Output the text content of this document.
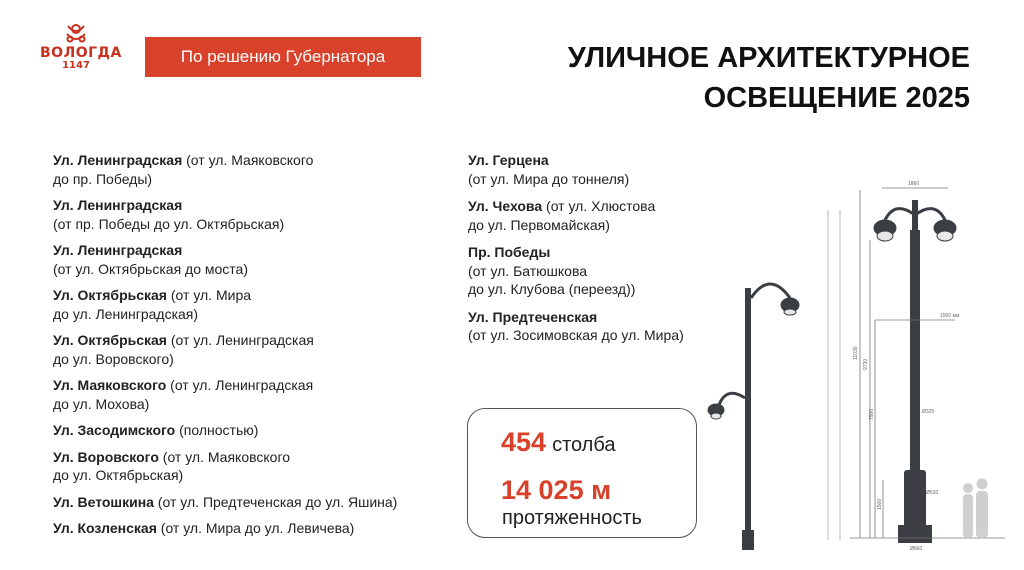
ВОЛОГДА
1147	По решению Губернатора	УЛИЧНОЕ АРХИТЕКТУРНОЕ
ОСВЕЩЕНИЕ 2025
Ул. Ленинградская (от ул. Маяковского
до пр. Победы)
Ул. Ленинградская
(от пр. Победы до ул. Октябрьская)
Ул. Ленинградская
(от ул. Октябрьская до моста)
Ул. Октябрьская (от ул. Мира
до ул. Ленинградская)
Ул. Октябрьская (от ул. Ленинградская
до ул. Воровского)
Ул. Маяковского (от ул. Ленинградская
до ул. Мохова)
Ул. Засодимского (полностью)
Ул. Воровского (от ул. Маяковского
до ул. Октябрьская)
Ул. Ветошкина (от ул. Предтеченская до ул. Яшина)
Ул. Козленская (от ул. Мира до ул. Левичева)
Ул. Герцена
(от ул. Мира до тоннеля)
Ул. Чехова (от ул. Хлюстова
до ул. Первомайская)
Пр. Победы
(от ул. Батюшкова
до ул. Клубова (переезд))
Ул. Предтеченская
(от ул. Зосимовская до ул. Мира)
454 столба
14 025 м
протяженность
1860
1500 мм
11030
9730
7500
1500
Ø325
Ø530
Ø660
